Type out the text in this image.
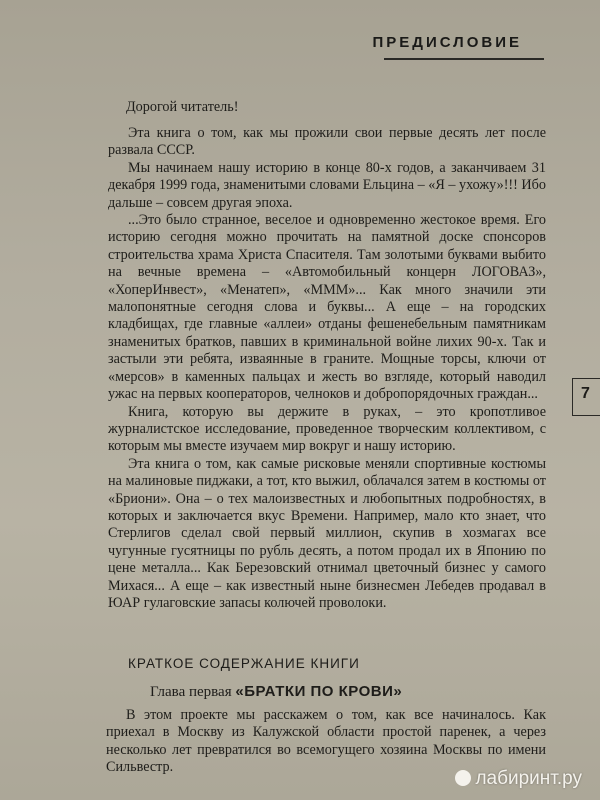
ПРЕДИСЛОВИЕ
7
Дорогой читатель!

Эта книга о том, как мы прожили свои первые десять лет после развала СССР.

Мы начинаем нашу историю в конце 80-х годов, а заканчиваем 31 декабря 1999 года, знаменитыми словами Ельцина – «Я – ухожу»!!! Ибо дальше – совсем другая эпоха.

...Это было странное, веселое и одновременно жестокое время. Его историю сегодня можно прочитать на памятной доске спонсоров строительства храма Христа Спасителя. Там золотыми буквами выбито на вечные времена – «Автомобильный концерн ЛОГОВАЗ», «ХоперИнвест», «Менатеп», «МММ»... Как много значили эти малопонятные сегодня слова и буквы... А еще – на городских кладбищах, где главные «аллеи» отданы фешенебельным памятникам знаменитых братков, павших в криминальной войне лихих 90-х. Так и застыли эти ребята, изваянные в граните. Мощные торсы, ключи от «мерсов» в каменных пальцах и жесть во взгляде, который наводил ужас на первых кооператоров, челноков и добропорядочных граждан...

Книга, которую вы держите в руках, – это кропотливое журналистское исследование, проведенное творческим коллективом, с которым мы вместе изучаем мир вокруг и нашу историю.

Эта книга о том, как самые рисковые меняли спортивные костюмы на малиновые пиджаки, а тот, кто выжил, облачался затем в костюмы от «Бриони». Она – о тех малоизвестных и любопытных подробностях, в которых и заключается вкус Времени. Например, мало кто знает, что Стерлигов сделал свой первый миллион, скупив в хозмагах все чугунные гусятницы по рубль десять, а потом продал их в Японию по цене металла... Как Березовский отнимал цветочный бизнес у самого Михася... А еще – как известный ныне бизнесмен Лебедев продавал в ЮАР гулаговские запасы колючей проволоки.

КРАТКОЕ СОДЕРЖАНИЕ КНИГИ
Глава первая «БРАТКИ ПО КРОВИ»

В этом проекте мы расскажем о том, как все начиналось. Как приехал в Москву из Калужской области простой паренек, а через несколько лет превратился во всемогущего хозяина Москвы по имени Сильвестр.

лабиринт.ру
